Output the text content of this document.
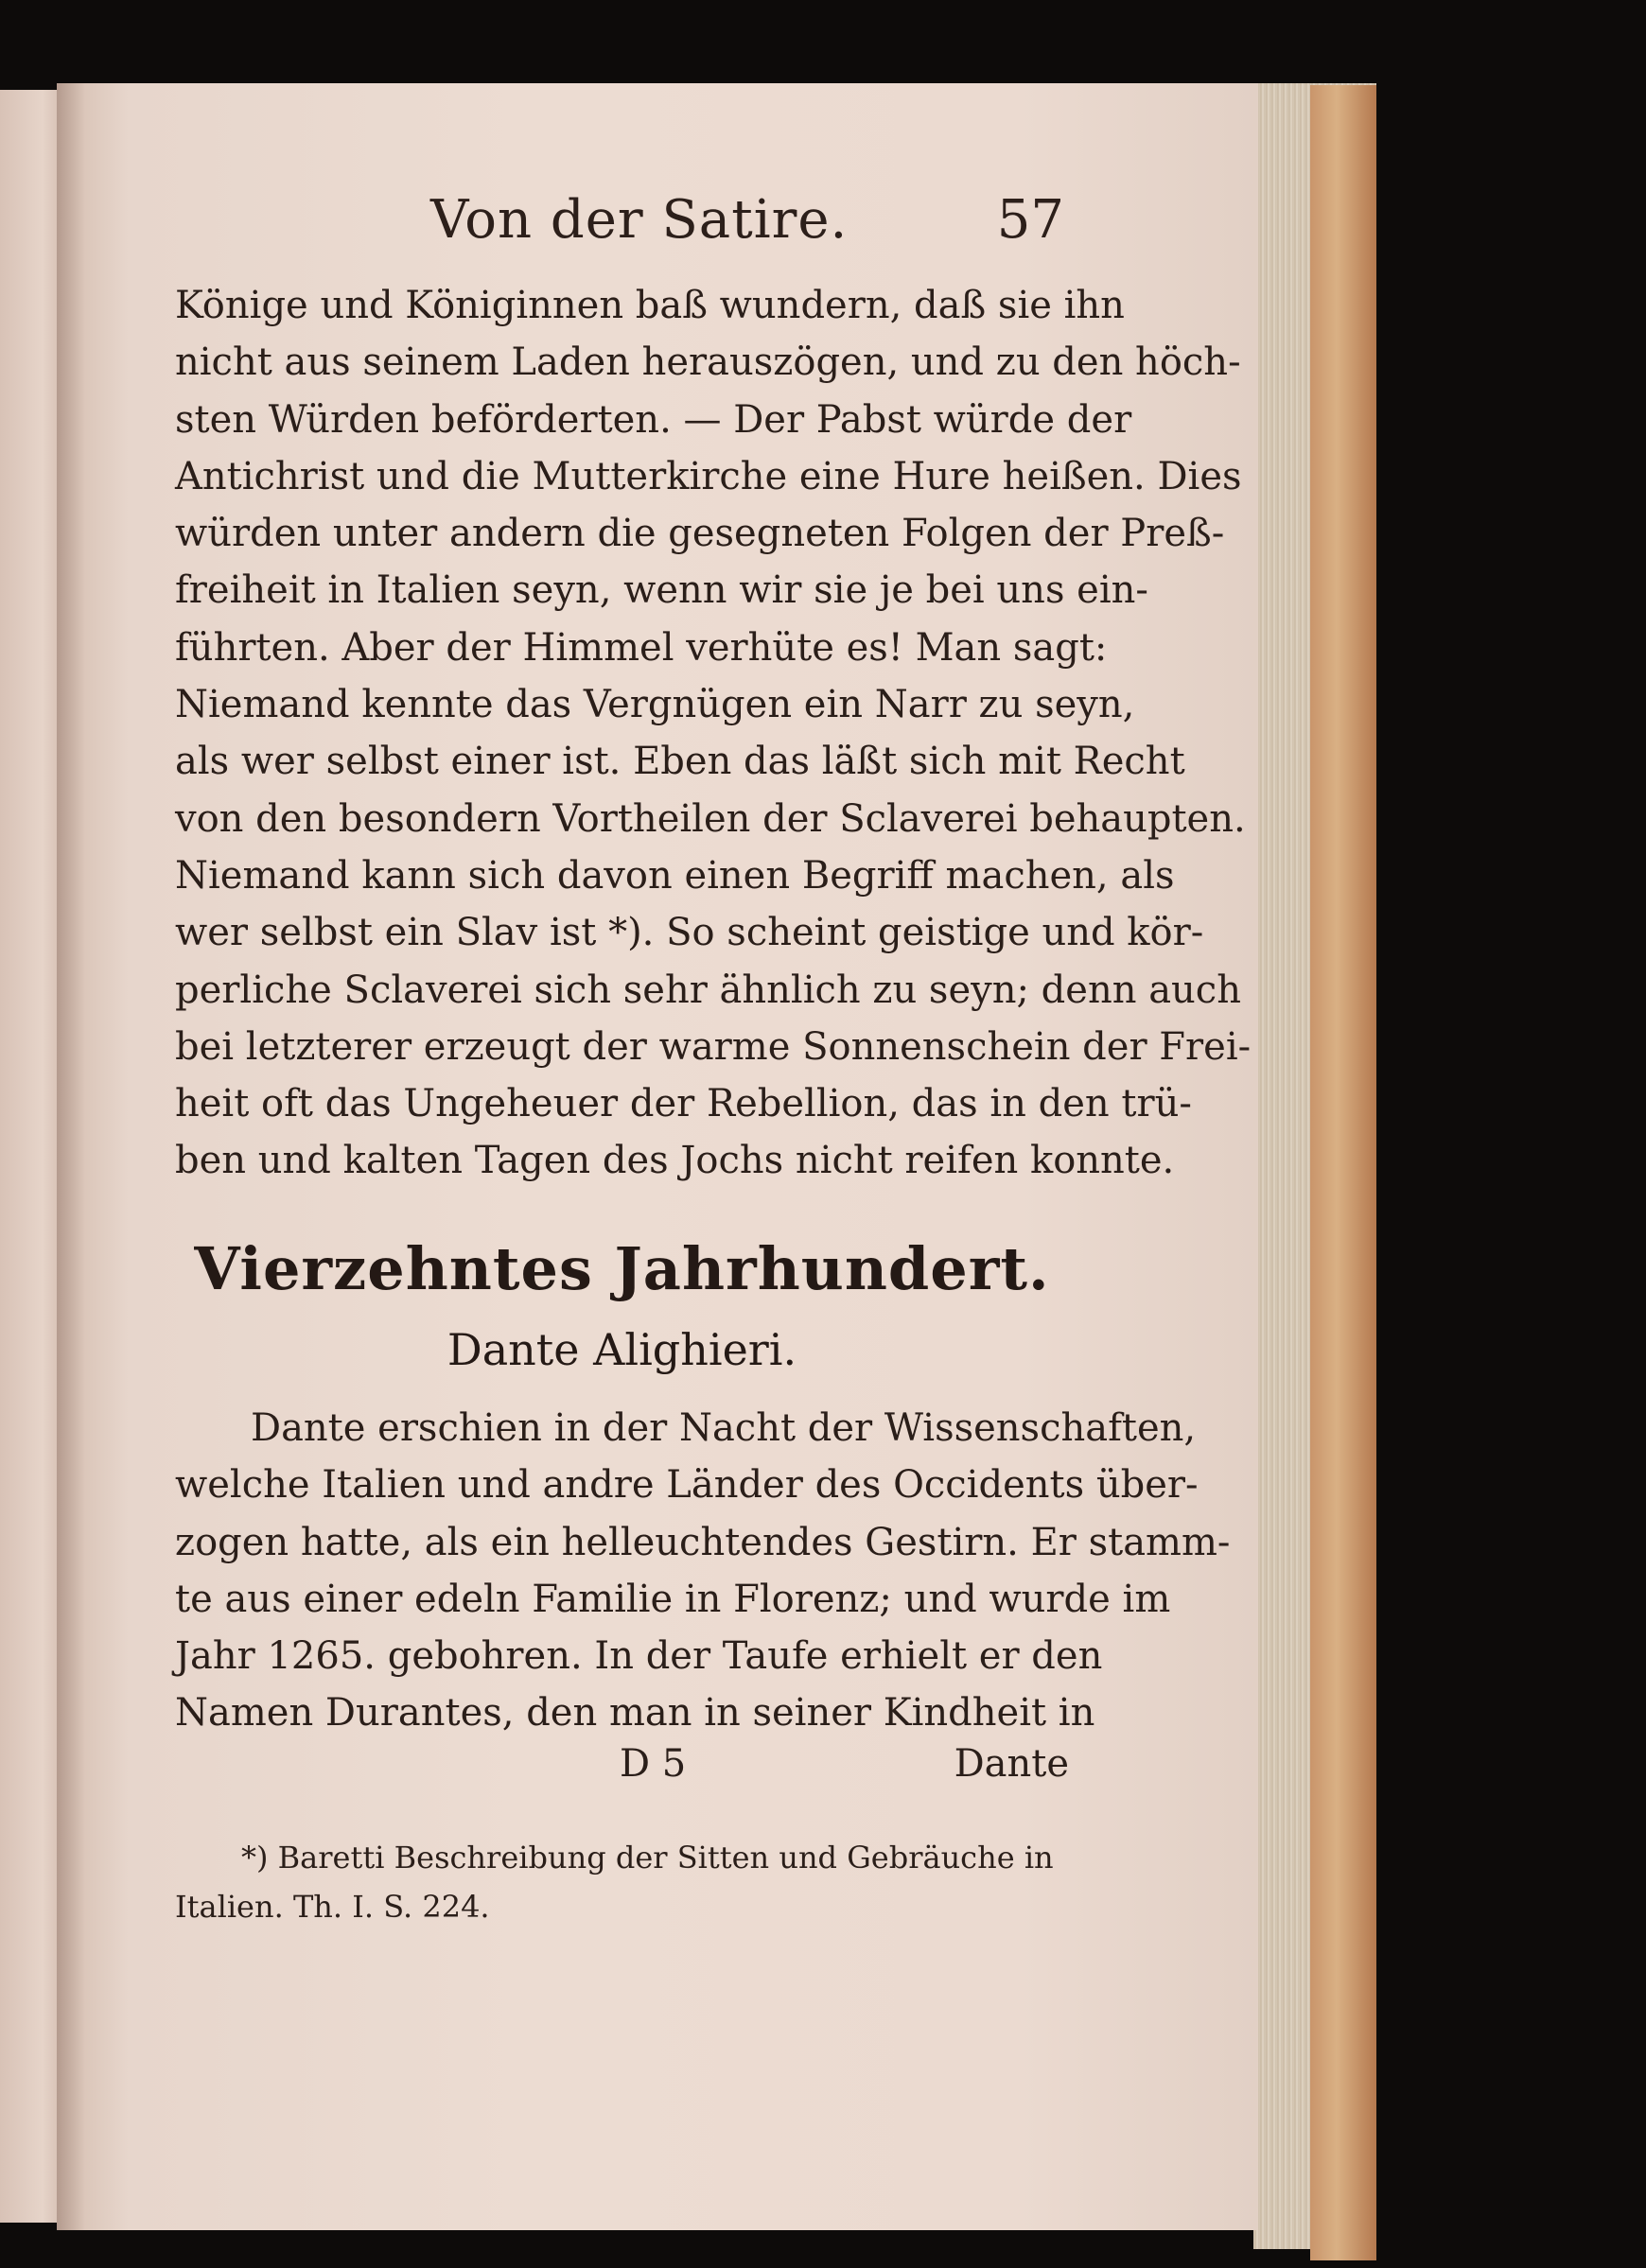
Von der Satire.	57
Könige und Königinnen baß wundern, daß sie ihn
nicht aus seinem Laden herauszögen, und zu den höch-
sten Würden beförderten. — Der Pabst würde der
Antichrist und die Mutterkirche eine Hure heißen. Dies
würden unter andern die gesegneten Folgen der Preß-
freiheit in Italien seyn, wenn wir sie je bei uns ein-
führten. Aber der Himmel verhüte es! Man sagt:
Niemand kennte das Vergnügen ein Narr zu seyn,
als wer selbst einer ist. Eben das läßt sich mit Recht
von den besondern Vortheilen der Sclaverei behaupten.
Niemand kann sich davon einen Begriff machen, als
wer selbst ein Slav ist *). So scheint geistige und kör-
perliche Sclaverei sich sehr ähnlich zu seyn; denn auch
bei letzterer erzeugt der warme Sonnenschein der Frei-
heit oft das Ungeheuer der Rebellion, das in den trü-
ben und kalten Tagen des Jochs nicht reifen konnte.
Vierzehntes Jahrhundert.
Dante Alighieri.
Dante erschien in der Nacht der Wissenschaften,
welche Italien und andre Länder des Occidents über-
zogen hatte, als ein helleuchtendes Gestirn. Er stamm-
te aus einer edeln Familie in Florenz; und wurde im
Jahr 1265. gebohren. In der Taufe erhielt er den
Namen Durantes, den man in seiner Kindheit in
D 5	Dante
*) Baretti Beschreibung der Sitten und Gebräuche in
Italien. Th. I. S. 224.
